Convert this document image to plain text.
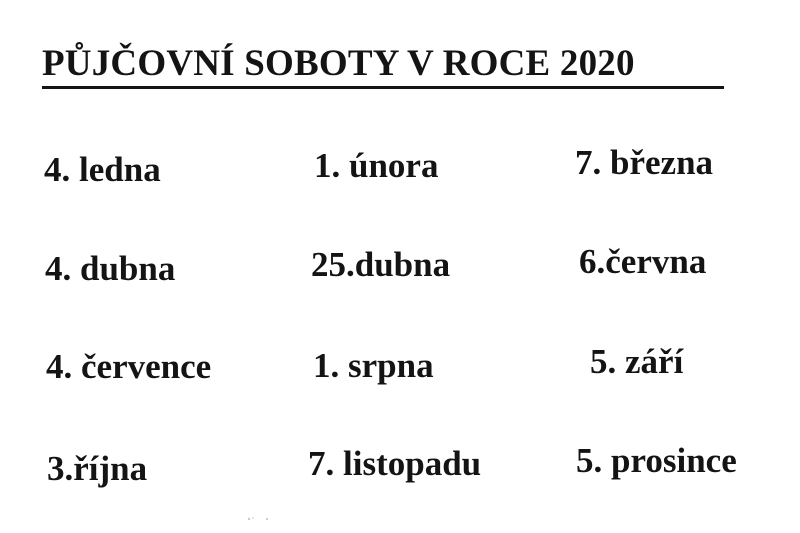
PŮJČOVNÍ SOBOTY V ROCE 2020
4. ledna	1. února	7. března
4. dubna	25.dubna	6.června
4. července	1. srpna	5. září
3.října	7. listopadu	5. prosince
